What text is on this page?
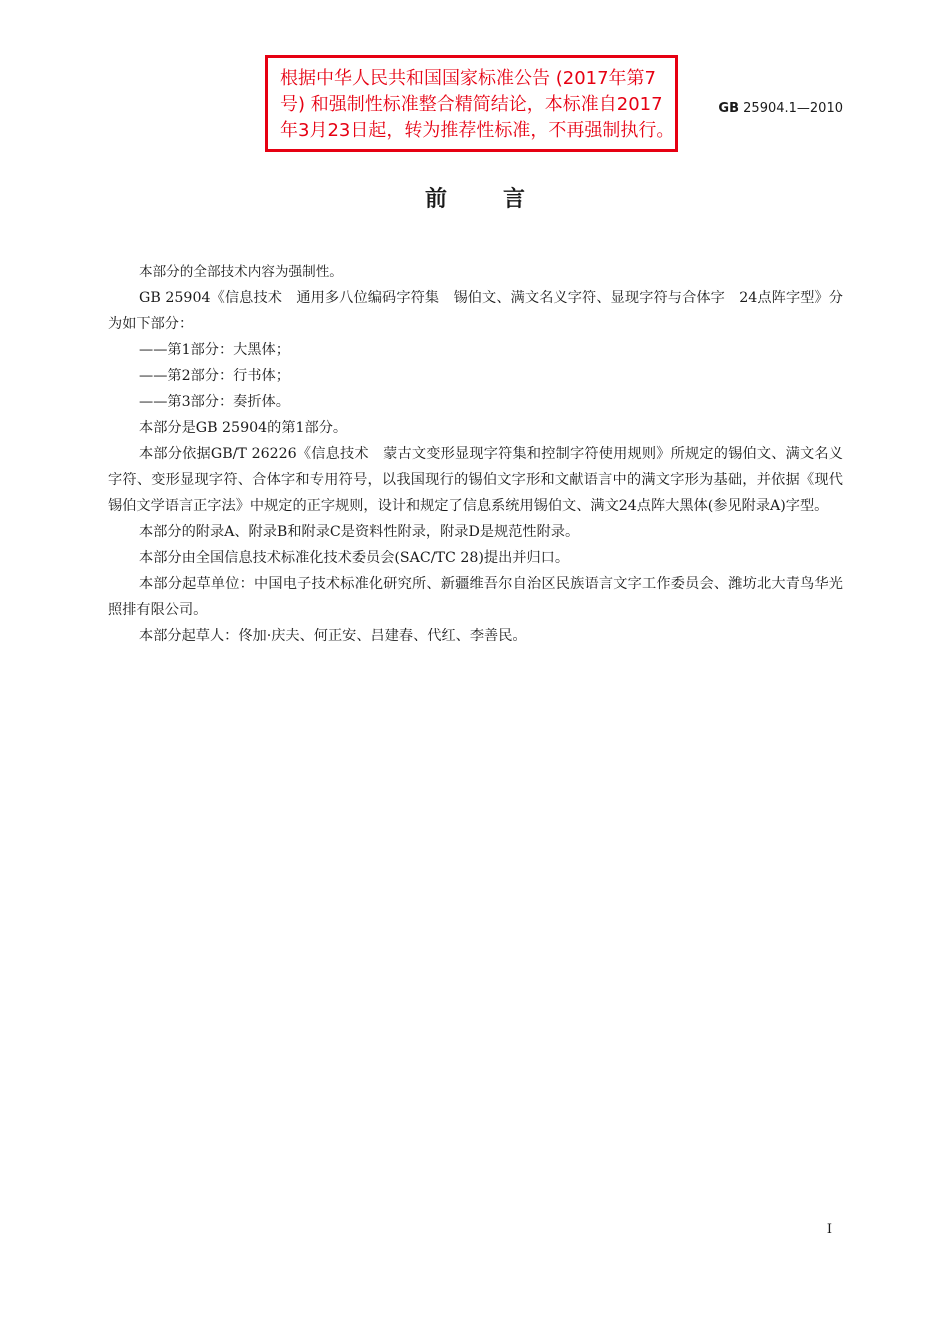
根据中华人民共和国国家标准公告 (2017年第7
号) 和强制性标准整合精简结论，本标准自2017
年3月23日起，转为推荐性标准，不再强制执行。
GB 25904.1—2010
前言

本部分的全部技术内容为强制性。

GB 25904《信息技术　通用多八位编码字符集　锡伯文、满文名义字符、显现字符与合体字　24点阵字型》分为如下部分：

——第1部分：大黑体；

——第2部分：行书体；

——第3部分：奏折体。

本部分是GB 25904的第1部分。

本部分依据GB/T 26226《信息技术　蒙古文变形显现字符集和控制字符使用规则》所规定的锡伯文、满文名义字符、变形显现字符、合体字和专用符号，以我国现行的锡伯文字形和文献语言中的满文字形为基础，并依据《现代锡伯文学语言正字法》中规定的正字规则，设计和规定了信息系统用锡伯文、满文24点阵大黑体(参见附录A)字型。

本部分的附录A、附录B和附录C是资料性附录，附录D是规范性附录。

本部分由全国信息技术标准化技术委员会(SAC/TC 28)提出并归口。

本部分起草单位：中国电子技术标准化研究所、新疆维吾尔自治区民族语言文字工作委员会、潍坊北大青鸟华光照排有限公司。

本部分起草人：佟加·庆夫、何正安、吕建春、代红、李善民。

I
